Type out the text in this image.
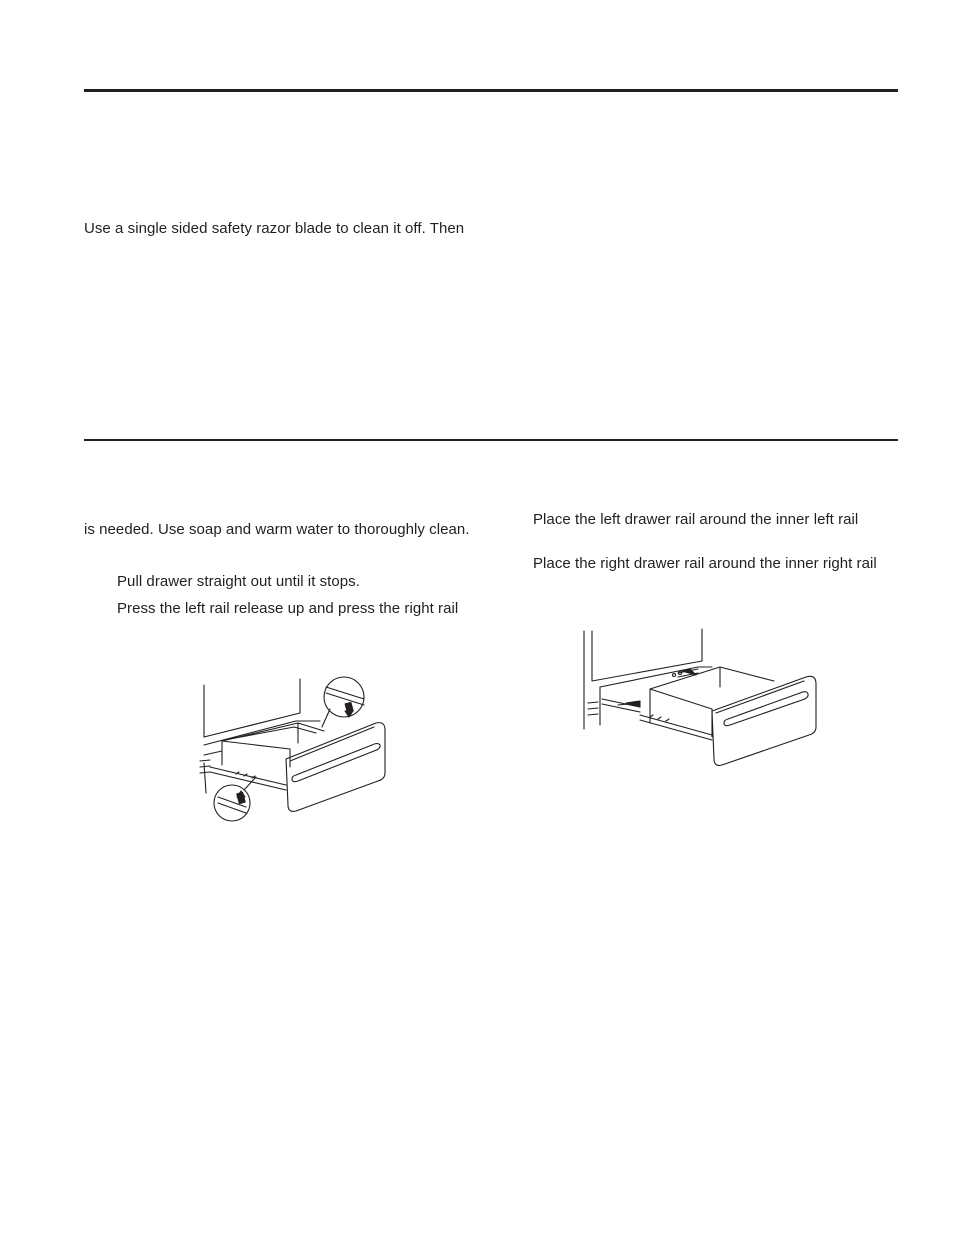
Use a single sided safety razor blade to clean it off. Then
is needed. Use soap and warm water to thoroughly clean.
Pull drawer straight out until it stops.
Press the left rail release up and press the right rail
Place the left drawer rail around the inner left rail
Place the right drawer rail around the inner right rail
